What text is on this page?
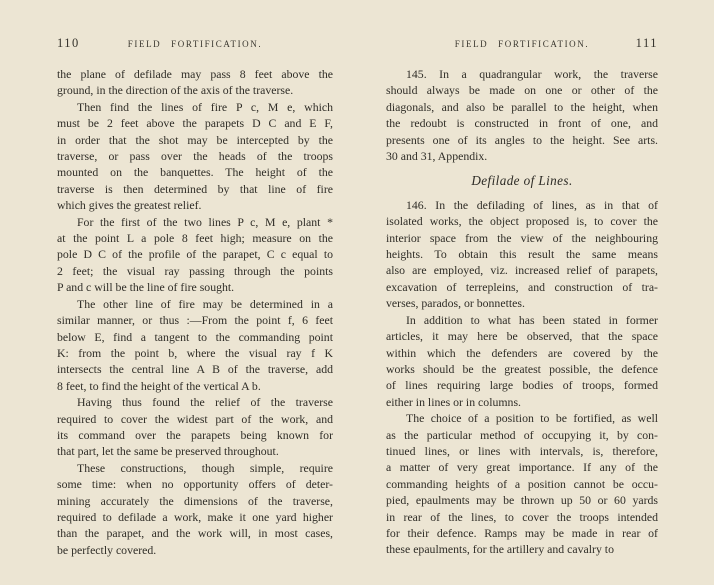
110	FIELD FORTIFICATION.
the plane of defilade may pass 8 feet above the
ground, in the direction of the axis of the traverse.
Then find the lines of fire P c, M e, which
must be 2 feet above the parapets D C and E F,
in order that the shot may be intercepted by the
traverse, or pass over the heads of the troops
mounted on the banquettes. The height of the
traverse is then determined by that line of fire
which gives the greatest relief.
For the first of the two lines P c, M e, plant *
at the point L a pole 8 feet high; measure on the
pole D C of the profile of the parapet, C c equal to
2 feet; the visual ray passing through the points
P and c will be the line of fire sought.
The other line of fire may be determined in a
similar manner, or thus :—From the point f, 6 feet
below E, find a tangent to the commanding point
K: from the point b, where the visual ray f K
intersects the central line A B of the traverse, add
8 feet, to find the height of the vertical A b.
Having thus found the relief of the traverse
required to cover the widest part of the work, and
its command over the parapets being known for
that part, let the same be preserved throughout.
These constructions, though simple, require
some time: when no opportunity offers of deter-
mining accurately the dimensions of the traverse,
required to defilade a work, make it one yard higher
than the parapet, and the work will, in most cases,
be perfectly covered.
FIELD FORTIFICATION.	111
145. In a quadrangular work, the traverse
should always be made on one or other of the
diagonals, and also be parallel to the height, when
the redoubt is constructed in front of one, and
presents one of its angles to the height. See arts.
30 and 31, Appendix.
Defilade of Lines.
146. In the defilading of lines, as in that of
isolated works, the object proposed is, to cover the
interior space from the view of the neighbouring
heights. To obtain this result the same means
also are employed, viz. increased relief of parapets,
excavation of terrepleins, and construction of tra-
verses, parados, or bonnettes.
In addition to what has been stated in former
articles, it may here be observed, that the space
within which the defenders are covered by the
works should be the greatest possible, the defence
of lines requiring large bodies of troops, formed
either in lines or in columns.
The choice of a position to be fortified, as well
as the particular method of occupying it, by con-
tinued lines, or lines with intervals, is, therefore,
a matter of very great importance. If any of the
commanding heights of a position cannot be occu-
pied, epaulments may be thrown up 50 or 60 yards
in rear of the lines, to cover the troops intended
for their defence. Ramps may be made in rear of
these epaulments, for the artillery and cavalry to
